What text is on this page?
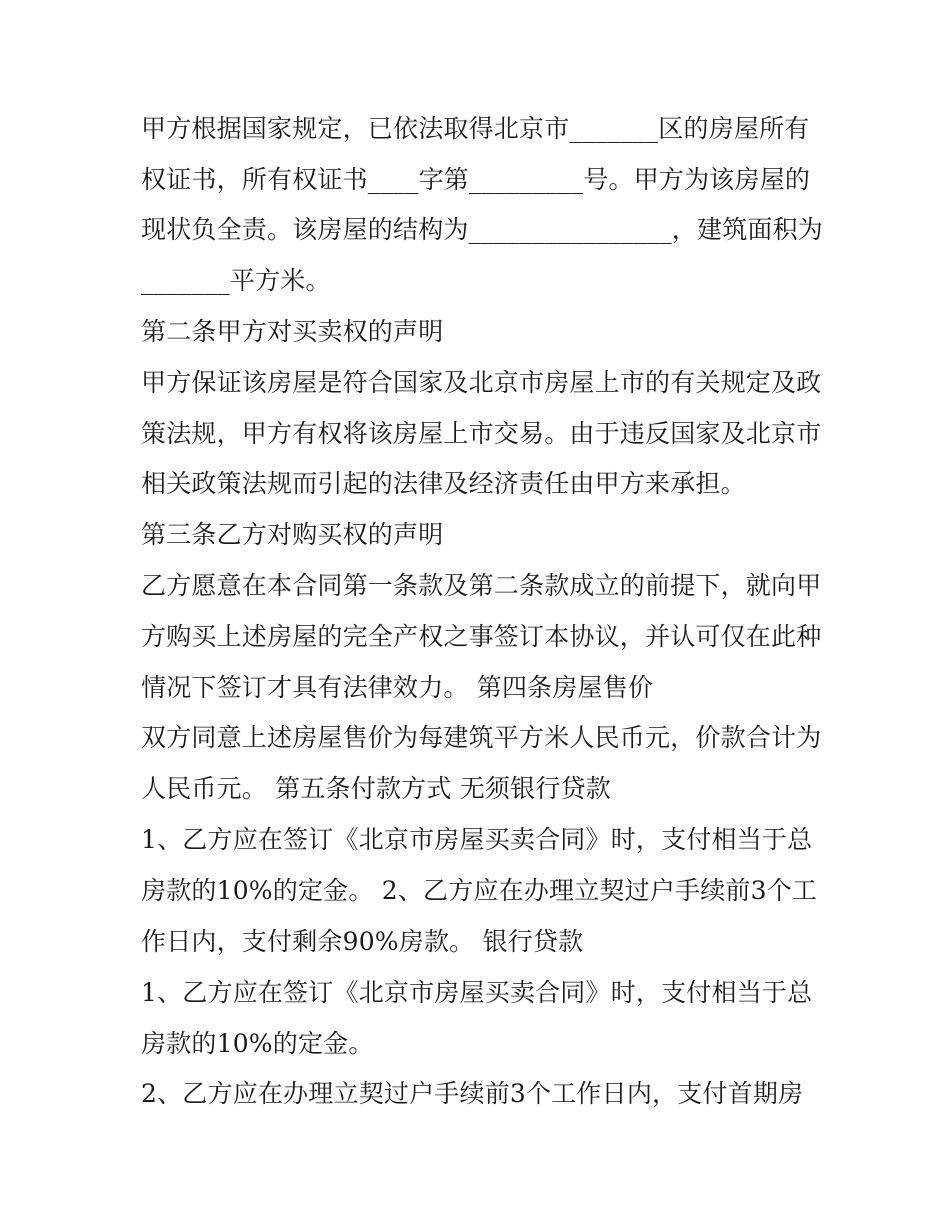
甲方根据国家规定，已依法取得北京市_______区的房屋所有
权证书，所有权证书____字第_________号。甲方为该房屋的
现状负全责。该房屋的结构为________________，建筑面积为
_______平方米。
第二条甲方对买卖权的声明
甲方保证该房屋是符合国家及北京市房屋上市的有关规定及政
策法规，甲方有权将该房屋上市交易。由于违反国家及北京市
相关政策法规而引起的法律及经济责任由甲方来承担。
第三条乙方对购买权的声明
乙方愿意在本合同第一条款及第二条款成立的前提下，就向甲
方购买上述房屋的完全产权之事签订本协议，并认可仅在此种
情况下签订才具有法律效力。 第四条房屋售价
双方同意上述房屋售价为每建筑平方米人民币元，价款合计为
人民币元。 第五条付款方式 无须银行贷款
1、乙方应在签订《北京市房屋买卖合同》时，支付相当于总
房款的10%的定金。 2、乙方应在办理立契过户手续前3个工
作日内，支付剩余90%房款。 银行贷款
1、乙方应在签订《北京市房屋买卖合同》时，支付相当于总
房款的10%的定金。
2、乙方应在办理立契过户手续前3个工作日内，支付首期房
